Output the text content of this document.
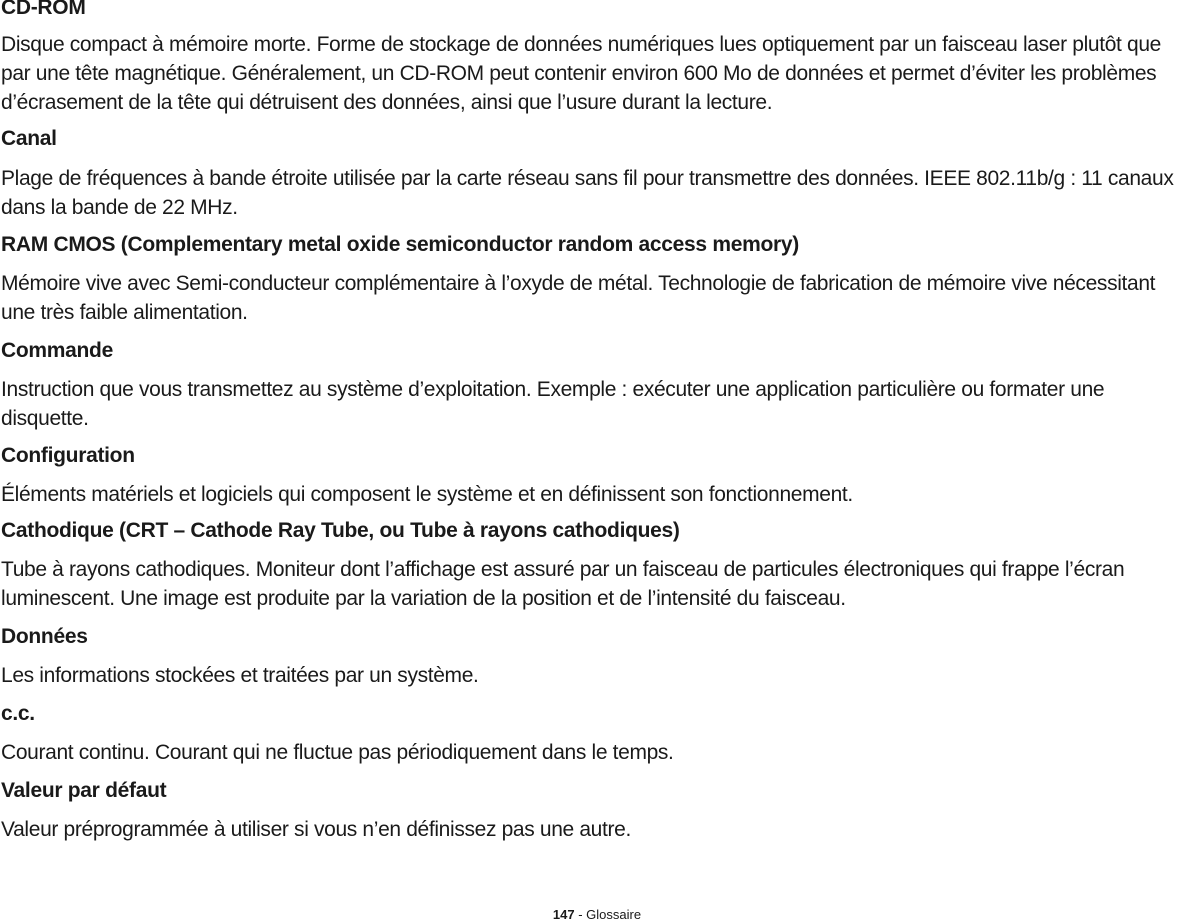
CD-ROM

Disque compact à mémoire morte. Forme de stockage de données numériques lues optiquement par un faisceau laser plutôt que par une tête magnétique. Généralement, un CD-ROM peut contenir environ 600 Mo de données et permet d’éviter les problèmes d’écrasement de la tête qui détruisent des données, ainsi que l’usure durant la lecture.

Canal

Plage de fréquences à bande étroite utilisée par la carte réseau sans fil pour transmettre des données. IEEE 802.11b/g : 11 canaux dans la bande de 22 MHz.

RAM CMOS (Complementary metal oxide semiconductor random access memory)

Mémoire vive avec Semi-conducteur complémentaire à l’oxyde de métal. Technologie de fabrication de mémoire vive nécessitant une très faible alimentation.

Commande

Instruction que vous transmettez au système d’exploitation. Exemple : exécuter une application particulière ou formater une disquette.

Configuration

Éléments matériels et logiciels qui composent le système et en définissent son fonctionnement.

Cathodique (CRT – Cathode Ray Tube, ou Tube à rayons cathodiques)

Tube à rayons cathodiques. Moniteur dont l’affichage est assuré par un faisceau de particules électroniques qui frappe l’écran luminescent. Une image est produite par la variation de la position et de l’intensité du faisceau.

Données

Les informations stockées et traitées par un système.

c.c.

Courant continu. Courant qui ne fluctue pas périodiquement dans le temps.

Valeur par défaut

Valeur préprogrammée à utiliser si vous n’en définissez pas une autre.

147 - Glossaire
